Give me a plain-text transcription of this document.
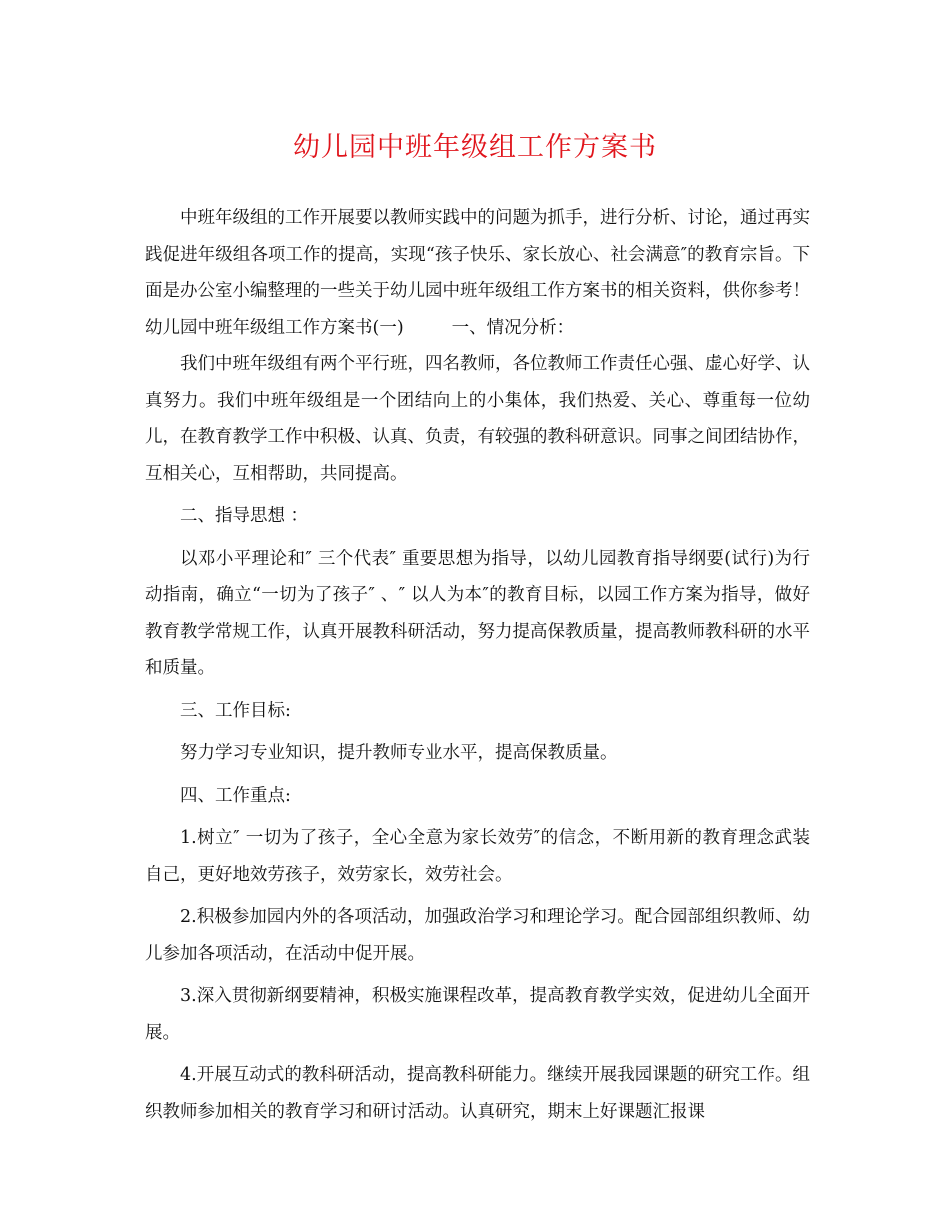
幼儿园中班年级组工作方案书

中班年级组的工作开展要以教师实践中的问题为抓手，进行分析、讨论，通过再实践促进年级组各项工作的提高，实现“孩子快乐、家长放心、社会满意″的教育宗旨。下面是办公室小编整理的一些关于幼儿园中班年级组工作方案书的相关资料，供你参考！

幼儿园中班年级组工作方案书(一)	一、情况分析：

我们中班年级组有两个平行班，四名教师，各位教师工作责任心强、虚心好学、认真努力。我们中班年级组是一个团结向上的小集体，我们热爱、关心、尊重每一位幼儿，在教育教学工作中积极、认真、负责，有较强的教科研意识。同事之间团结协作，互相关心，互相帮助，共同提高。

二、指导思想 ：

以邓小平理论和″ 三个代表″ 重要思想为指导，以幼儿园教育指导纲要(试行)为行动指南，确立“一切为了孩子″ 、″ 以人为本″的教育目标，以园工作方案为指导，做好教育教学常规工作，认真开展教科研活动，努力提高保教质量，提高教师教科研的水平和质量。

三、工作目标:

努力学习专业知识，提升教师专业水平，提高保教质量。

四、工作重点:

1.树立″ 一切为了孩子，全心全意为家长效劳″的信念，不断用新的教育理念武装自己，更好地效劳孩子，效劳家长，效劳社会。

2.积极参加园内外的各项活动，加强政治学习和理论学习。配合园部组织教师、幼儿参加各项活动，在活动中促开展。

3.深入贯彻新纲要精神，积极实施课程改革，提高教育教学实效，促进幼儿全面开展。

4.开展互动式的教科研活动，提高教科研能力。继续开展我园课题的研究工作。组织教师参加相关的教育学习和研讨活动。认真研究，期末上好课题汇报课
